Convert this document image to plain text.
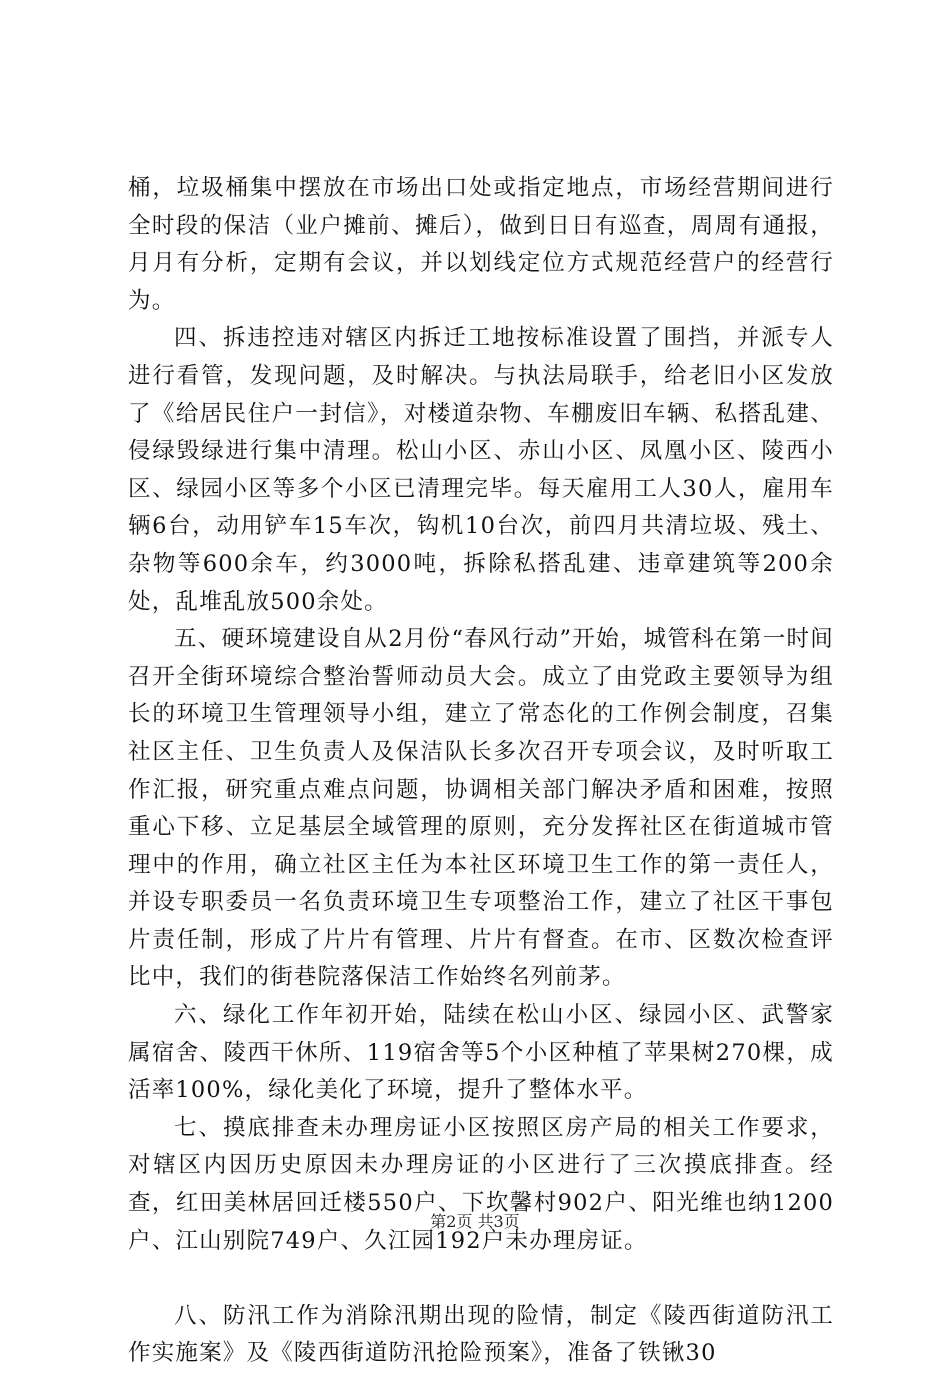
桶，垃圾桶集中摆放在市场出口处或指定地点，市场经营期间进行全时段的保洁（业户摊前、摊后），做到日日有巡查，周周有通报，月月有分析，定期有会议，并以划线定位方式规范经营户的经营行为。

四、拆违控违对辖区内拆迁工地按标准设置了围挡，并派专人进行看管，发现问题，及时解决。与执法局联手，给老旧小区发放了《给居民住户一封信》，对楼道杂物、车棚废旧车辆、私搭乱建、侵绿毁绿进行集中清理。松山小区、赤山小区、凤凰小区、陵西小区、绿园小区等多个小区已清理完毕。每天雇用工人30人，雇用车辆6台，动用铲车15车次，钩机10台次，前四月共清垃圾、残土、杂物等600余车，约3000吨，拆除私搭乱建、违章建筑等200余处，乱堆乱放500余处。

五、硬环境建设自从2月份“春风行动”开始，城管科在第一时间召开全街环境综合整治誓师动员大会。成立了由党政主要领导为组长的环境卫生管理领导小组，建立了常态化的工作例会制度，召集社区主任、卫生负责人及保洁队长多次召开专项会议，及时听取工作汇报，研究重点难点问题，协调相关部门解决矛盾和困难，按照重心下移、立足基层全域管理的原则，充分发挥社区在街道城市管理中的作用，确立社区主任为本社区环境卫生工作的第一责任人，并设专职委员一名负责环境卫生专项整治工作，建立了社区干事包片责任制，形成了片片有管理、片片有督查。在市、区数次检查评比中，我们的街巷院落保洁工作始终名列前茅。

六、绿化工作年初开始，陆续在松山小区、绿园小区、武警家属宿舍、陵西干休所、119宿舍等5个小区种植了苹果树270棵，成活率100%，绿化美化了环境，提升了整体水平。

七、摸底排查未办理房证小区按照区房产局的相关工作要求，对辖区内因历史原因未办理房证的小区进行了三次摸底排查。经查，红田美林居回迁楼550户、下坎馨村902户、阳光维也纳1200户、江山别院749户、久江园192户未办理房证。

八、防汛工作为消除汛期出现的险情，制定《陵西街道防汛工作实施案》及《陵西街道防汛抢险预案》，准备了铁锹30

第2页 共3页
